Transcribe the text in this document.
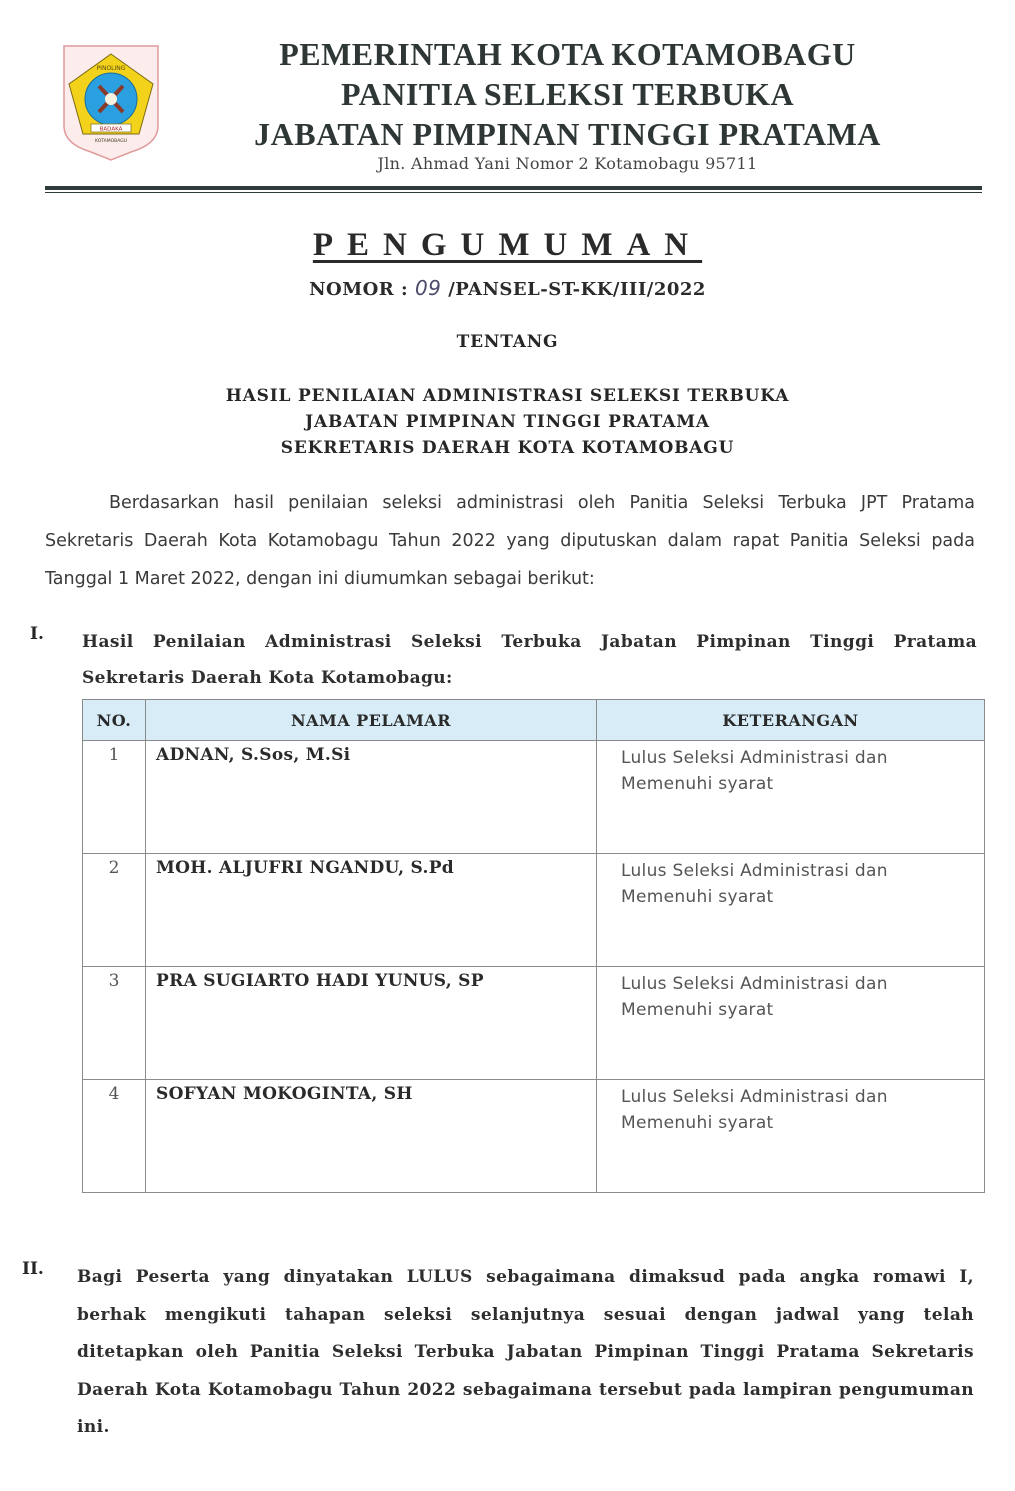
PINOLING
BADAKA
KOTAMOBAGU
PEMERINTAH KOTA KOTAMOBAGU
PANITIA SELEKSI TERBUKA
JABATAN PIMPINAN TINGGI PRATAMA
Jln. Ahmad Yani Nomor 2 Kotamobagu 95711
PENGUMUMAN
NOMOR : 09 /PANSEL-ST-KK/III/2022
TENTANG
HASIL PENILAIAN ADMINISTRASI SELEKSI TERBUKA
JABATAN PIMPINAN TINGGI PRATAMA
SEKRETARIS DAERAH KOTA KOTAMOBAGU
Berdasarkan hasil penilaian seleksi administrasi oleh Panitia Seleksi Terbuka JPT Pratama Sekretaris Daerah Kota Kotamobagu Tahun 2022 yang diputuskan dalam rapat Panitia Seleksi pada Tanggal 1 Maret 2022, dengan ini diumumkan sebagai berikut:
I. Hasil Penilaian Administrasi Seleksi Terbuka Jabatan Pimpinan Tinggi Pratama Sekretaris Daerah Kota Kotamobagu:
NO.	NAMA PELAMAR	KETERANGAN
1	ADNAN, S.Sos, M.Si	Lulus Seleksi Administrasi dan Memenuhi syarat
2	MOH. ALJUFRI NGANDU, S.Pd	Lulus Seleksi Administrasi dan Memenuhi syarat
3	PRA SUGIARTO HADI YUNUS, SP	Lulus Seleksi Administrasi dan Memenuhi syarat
4	SOFYAN MOKOGINTA, SH	Lulus Seleksi Administrasi dan Memenuhi syarat
II. Bagi Peserta yang dinyatakan LULUS sebagaimana dimaksud pada angka romawi I, berhak mengikuti tahapan seleksi selanjutnya sesuai dengan jadwal yang telah ditetapkan oleh Panitia Seleksi Terbuka Jabatan Pimpinan Tinggi Pratama Sekretaris Daerah Kota Kotamobagu Tahun 2022 sebagaimana tersebut pada lampiran pengumuman ini.
